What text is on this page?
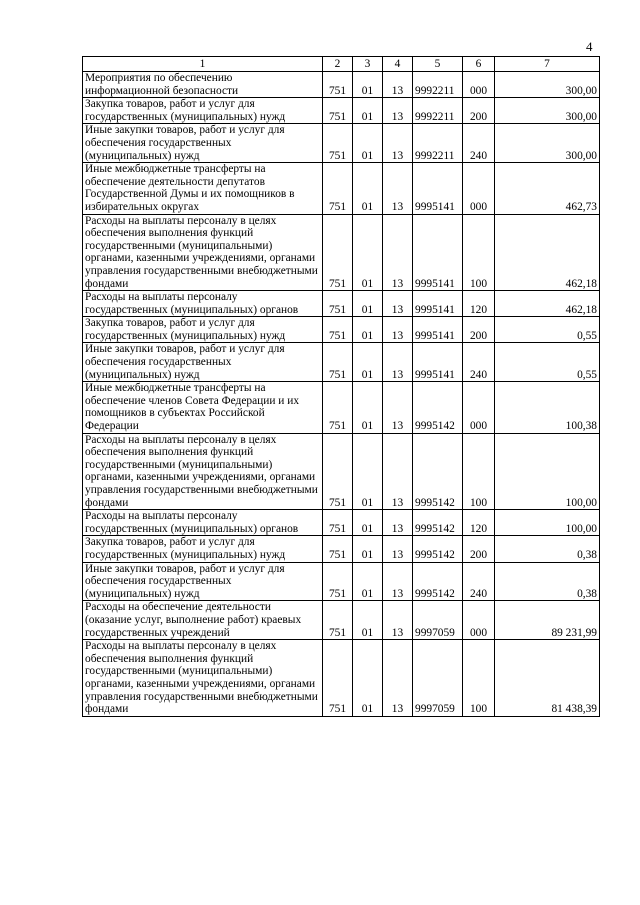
4
1	2	3	4	5	6	7
Мероприятия по обеспечению информационной безопасности	751	01	13	9992211	000	300,00
Закупка товаров, работ и услуг для государственных (муниципальных) нужд	751	01	13	9992211	200	300,00
Иные закупки товаров, работ и услуг для обеспечения государственных (муниципальных) нужд	751	01	13	9992211	240	300,00
Иные межбюджетные трансферты на обеспечение деятельности депутатов Государственной Думы и их помощников в избирательных округах	751	01	13	9995141	000	462,73
Расходы на выплаты персоналу в целях обеспечения выполнения функций государственными (муниципальными) органами, казенными учреждениями, органами управления государственными внебюджетными фондами	751	01	13	9995141	100	462,18
Расходы на выплаты персоналу государственных (муниципальных) органов	751	01	13	9995141	120	462,18
Закупка товаров, работ и услуг для государственных (муниципальных) нужд	751	01	13	9995141	200	0,55
Иные закупки товаров, работ и услуг для обеспечения государственных (муниципальных) нужд	751	01	13	9995141	240	0,55
Иные межбюджетные трансферты на обеспечение членов Совета Федерации и их помощников в субъектах Российской Федерации	751	01	13	9995142	000	100,38
Расходы на выплаты персоналу в целях обеспечения выполнения функций государственными (муниципальными) органами, казенными учреждениями, органами управления государственными внебюджетными фондами	751	01	13	9995142	100	100,00
Расходы на выплаты персоналу государственных (муниципальных) органов	751	01	13	9995142	120	100,00
Закупка товаров, работ и услуг для государственных (муниципальных) нужд	751	01	13	9995142	200	0,38
Иные закупки товаров, работ и услуг для обеспечения государственных (муниципальных) нужд	751	01	13	9995142	240	0,38
Расходы на обеспечение деятельности (оказание услуг, выполнение работ) краевых государственных учреждений	751	01	13	9997059	000	89 231,99
Расходы на выплаты персоналу в целях обеспечения выполнения функций государственными (муниципальными) органами, казенными учреждениями, органами управления государственными внебюджетными фондами	751	01	13	9997059	100	81 438,39
